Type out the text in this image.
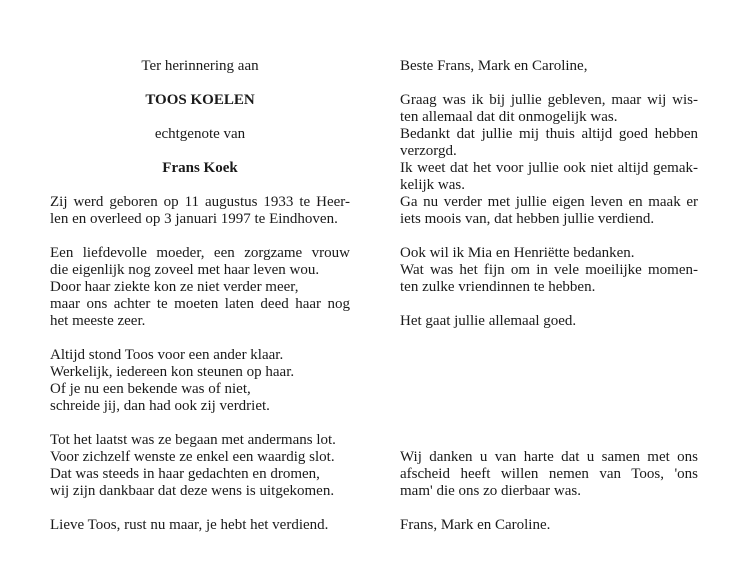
Ter herinnering aan
TOOS KOELEN
echtgenote van
Frans Koek
Zij werd geboren op 11 augustus 1933 te Heer-
len en overleed op 3 januari 1997 te Eindhoven.
Een liefdevolle moeder, een zorgzame vrouw
die eigenlijk nog zoveel met haar leven wou.
Door haar ziekte kon ze niet verder meer,
maar ons achter te moeten laten deed haar nog
het meeste zeer.
Altijd stond Toos voor een ander klaar.
Werkelijk, iedereen kon steunen op haar.
Of je nu een bekende was of niet,
schreide jij, dan had ook zij verdriet.
Tot het laatst was ze begaan met andermans lot.
Voor zichzelf wenste ze enkel een waardig slot.
Dat was steeds in haar gedachten en dromen,
wij zijn dankbaar dat deze wens is uitgekomen.
Lieve Toos, rust nu maar, je hebt het verdiend.
Beste Frans, Mark en Caroline,
Graag was ik bij jullie gebleven, maar wij wis-
ten allemaal dat dit onmogelijk was.
Bedankt dat jullie mij thuis altijd goed hebben
verzorgd.
Ik weet dat het voor jullie ook niet altijd gemak-
kelijk was.
Ga nu verder met jullie eigen leven en maak er
iets moois van, dat hebben jullie verdiend.
Ook wil ik Mia en Henriëtte bedanken.
Wat was het fijn om in vele moeilijke momen-
ten zulke vriendinnen te hebben.
Het gaat jullie allemaal goed.
Wij danken u van harte dat u samen met ons
afscheid heeft willen nemen van Toos, 'ons
mam' die ons zo dierbaar was.
Frans, Mark en Caroline.
